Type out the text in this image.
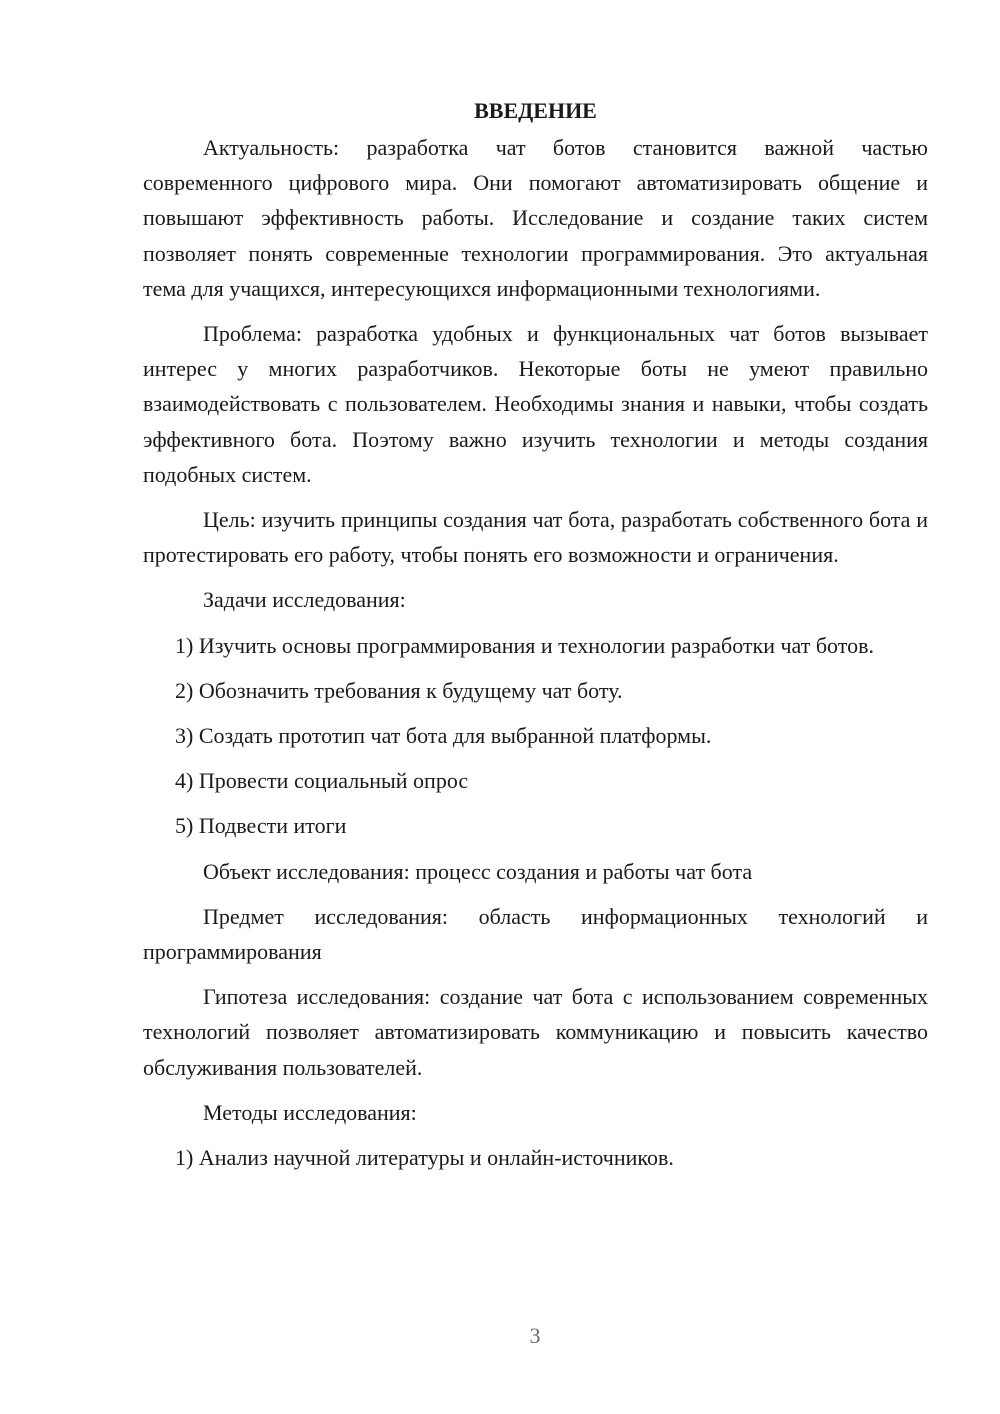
ВВЕДЕНИЕ

Актуальность: разработка чат ботов становится важной частью современного цифрового мира. Они помогают автоматизировать общение и повышают эффективность работы. Исследование и создание таких систем позволяет понять современные технологии программирования. Это актуальная тема для учащихся, интересующихся информационными технологиями.

Проблема: разработка удобных и функциональных чат ботов вызывает интерес у многих разработчиков. Некоторые боты не умеют правильно взаимодействовать с пользователем. Необходимы знания и навыки, чтобы создать эффективного бота. Поэтому важно изучить технологии и методы создания подобных систем.

Цель: изучить принципы создания чат бота, разработать собственного бота и протестировать его работу, чтобы понять его возможности и ограничения.

Задачи исследования:

1) Изучить основы программирования и технологии разработки чат ботов.

2) Обозначить требования к будущему чат боту.

3) Создать прототип чат бота для выбранной платформы.

4) Провести социальный опрос

5) Подвести итоги

Объект исследования: процесс создания и работы чат бота

Предмет исследования: область информационных технологий и программирования

Гипотеза исследования: создание чат бота с использованием современных технологий позволяет автоматизировать коммуникацию и повысить качество обслуживания пользователей.

Методы исследования:

1) Анализ научной литературы и онлайн-источников.

3
